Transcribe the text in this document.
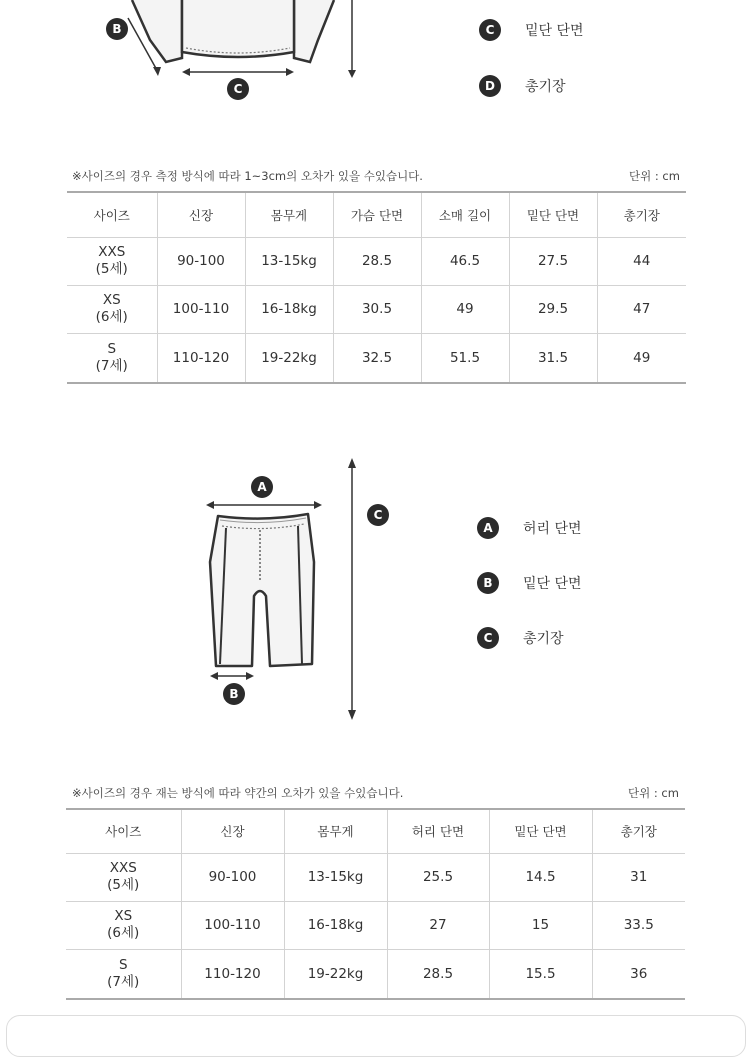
B
C
C	밑단 단면
D	총기장
※사이즈의 경우 측정 방식에 따라 1~3cm의 오차가 있을 수있습니다.	단위 : cm
사이즈	신장	몸무게	가슴 단면	소매 길이	밑단 단면	총기장

XXS
(5세)	90-100	13-15kg	28.5	46.5	27.5	44

XS
(6세)	100-110	16-18kg	30.5	49	29.5	47

S
(7세)	110-120	19-22kg	32.5	51.5	31.5	49
A
B
C
A	허리 단면
B	밑단 단면
C	총기장
※사이즈의 경우 재는 방식에 따라 약간의 오차가 있을 수있습니다.	단위 : cm
사이즈	신장	몸무게	허리 단면	밑단 단면	총기장

XXS
(5세)	90-100	13-15kg	25.5	14.5	31

XS
(6세)	100-110	16-18kg	27	15	33.5

S
(7세)	110-120	19-22kg	28.5	15.5	36
